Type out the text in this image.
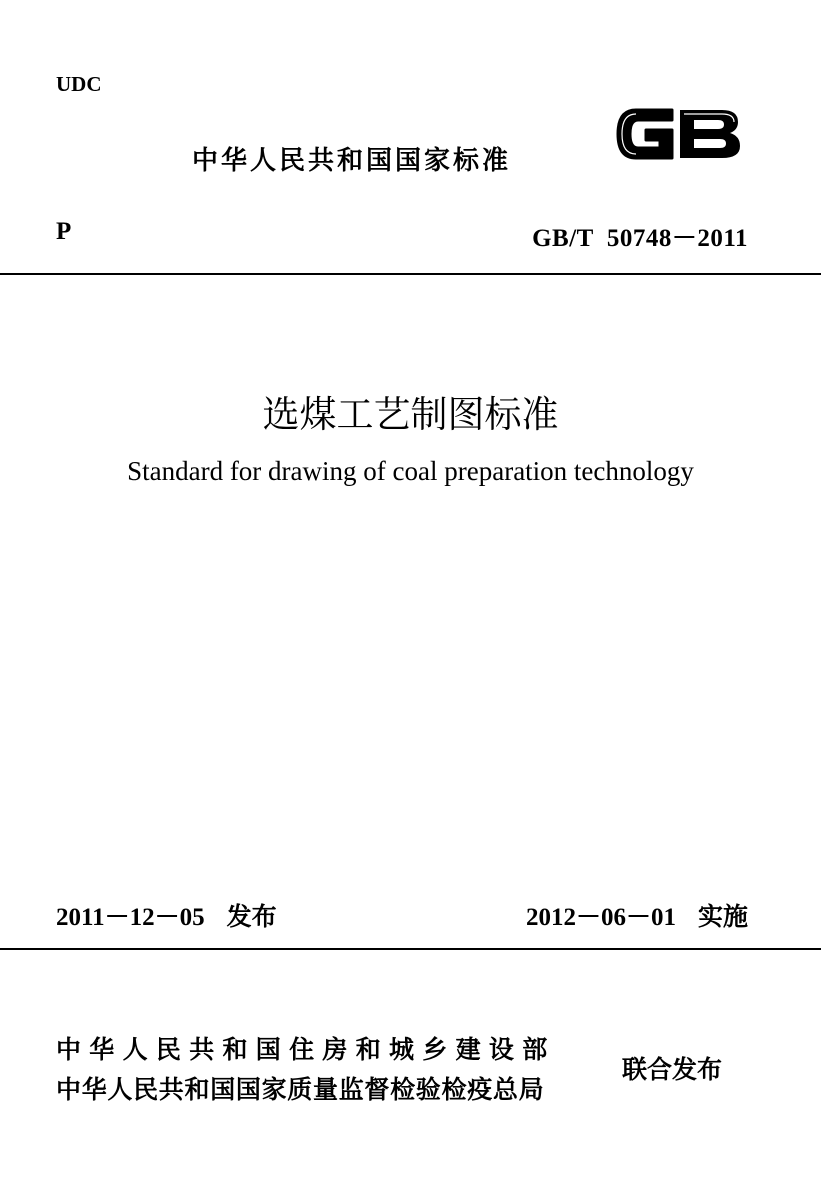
UDC
中华人民共和国国家标准
P	GB/T  50748－2011
选煤工艺制图标准
Standard for drawing of coal preparation technology
2011－12－05 发布	2012－06－01 实施
中华人民共和国住房和城乡建设部
中华人民共和国国家质量监督检验检疫总局
联合发布
